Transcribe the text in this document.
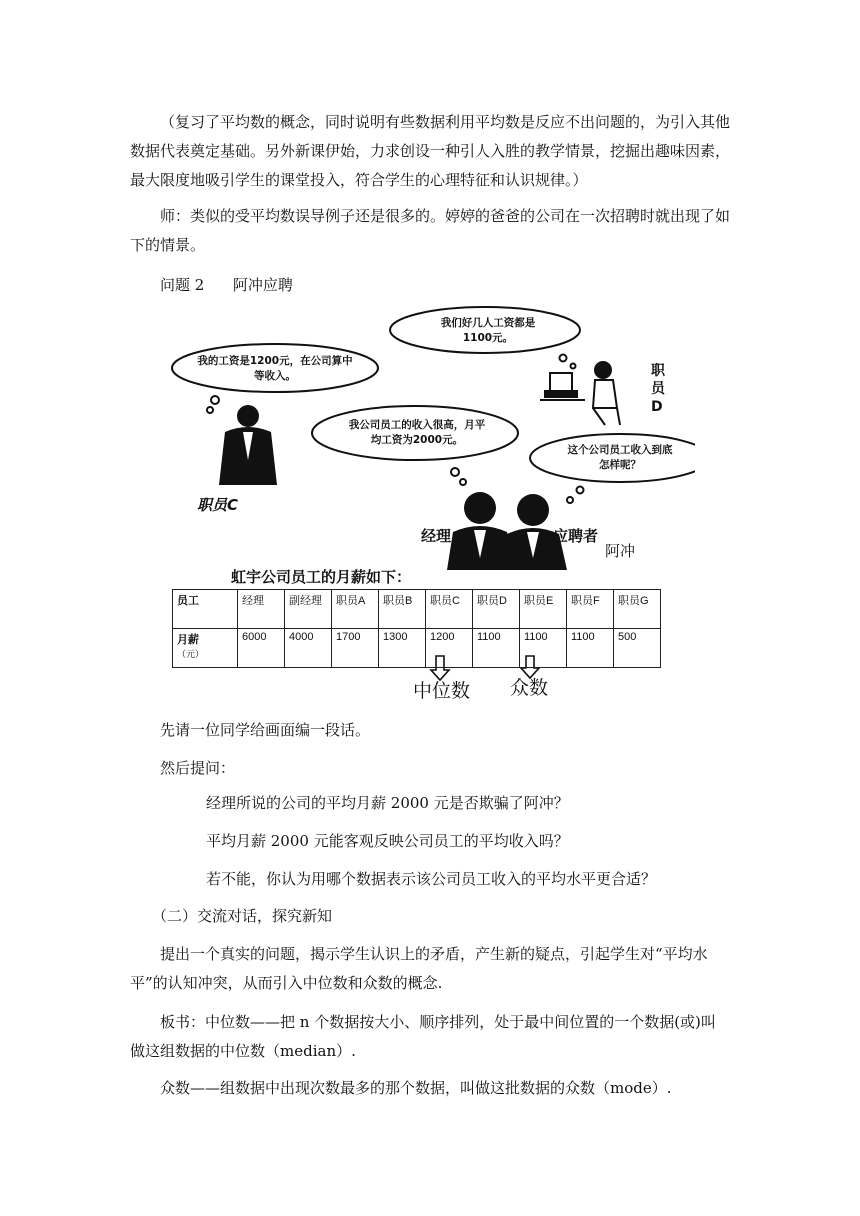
（复习了平均数的概念，同时说明有些数据利用平均数是反应不出问题的，为引入其他数据代表奠定基础。另外新课伊始，力求创设一种引人入胜的教学情景，挖掘出趣味因素，最大限度地吸引学生的课堂投入，符合学生的心理特征和认识规律。）

师：类似的受平均数误导例子还是很多的。婷婷的爸爸的公司在一次招聘时就出现了如下的情景。

问题 2      阿冲应聘

我的工资是1200元，在公司算中等收入。
我们好几人工资都是1100元。
我公司员工的收入很高，月平均工资为2000元。
这个公司员工收入到底怎样呢？
职员C
职员D
经理	应聘者
阿冲
虹宇公司员工的月薪如下：
员工	经理	副经理	职员A	职员B	职员C	职员D	职员E	职员F	职员G
月薪
（元）	6000	4000	1700	1300	1200	1100	1100	1100	500
中位数 众数

先请一位同学给画面编一段话。

然后提问：

经理所说的公司的平均月薪 2000 元是否欺骗了阿冲？

平均月薪 2000 元能客观反映公司员工的平均收入吗？

若不能，你认为用哪个数据表示该公司员工收入的平均水平更合适？

（二）交流对话，探究新知

提出一个真实的问题，揭示学生认识上的矛盾，产生新的疑点，引起学生对“平均水平”的认知冲突，从而引入中位数和众数的概念.

板书：中位数——把 n 个数据按大小、顺序排列，处于最中间位置的一个数据(或)叫做这组数据的中位数（median）.

众数——组数据中出现次数最多的那个数据，叫做这批数据的众数（mode）.
